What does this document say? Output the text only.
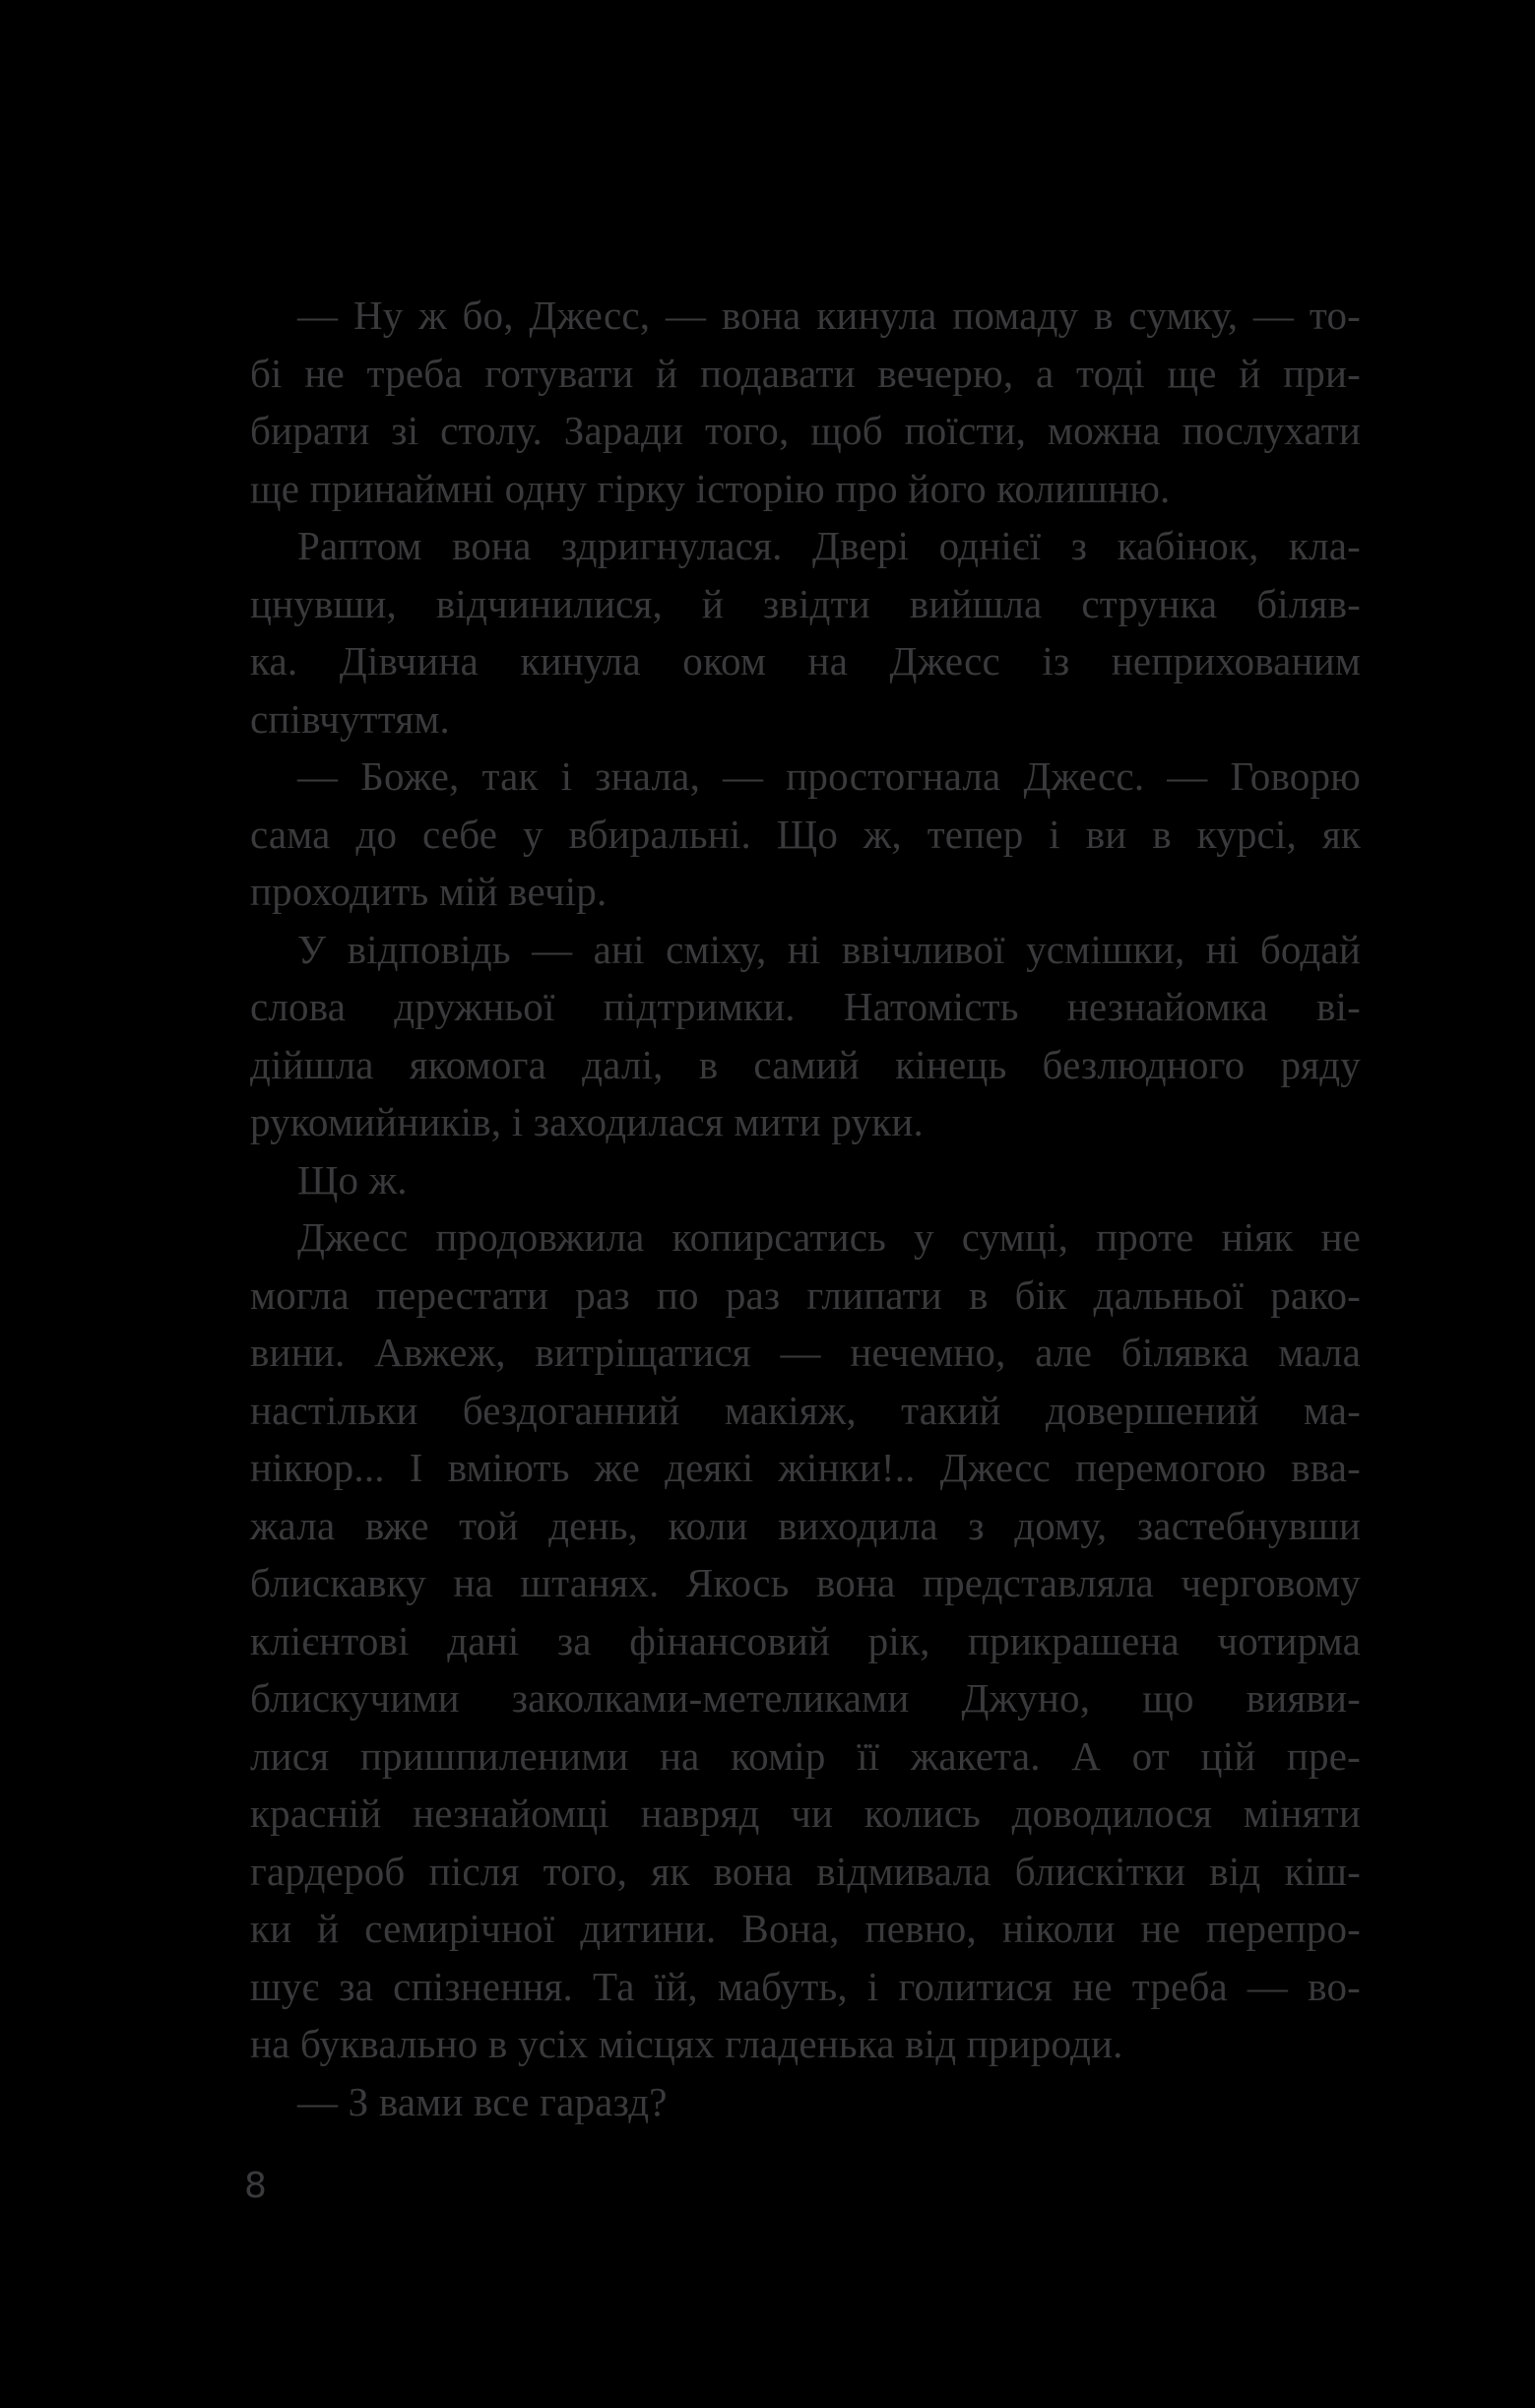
— Ну ж бо, Джесс, — вона кинула помаду в сумку, — то-
бі не треба готувати й подавати вечерю, а тоді ще й при-
бирати зі столу. Заради того, щоб поїсти, можна послухати
ще принаймні одну гірку історію про його колишню.
Раптом вона здригнулася. Двері однієї з кабінок, кла-
цнувши, відчинилися, й звідти вийшла струнка біляв-
ка. Дівчина кинула оком на Джесс із неприхованим
співчуттям.
— Боже, так і знала, — простогнала Джесс. — Говорю
сама до себе у вбиральні. Що ж, тепер і ви в курсі, як
проходить мій вечір.
У відповідь — ані сміху, ні ввічливої усмішки, ні бодай
слова дружньої підтримки. Натомість незнайомка ві-
дійшла якомога далі, в самий кінець безлюдного ряду
рукомийників, і заходилася мити руки.
Що ж.
Джесс продовжила копирсатись у сумці, проте ніяк не
могла перестати раз по раз глипати в бік дальньої рако-
вини. Авжеж, витріщатися — нечемно, але білявка мала
настільки бездоганний макіяж, такий довершений ма-
нікюр... І вміють же деякі жінки!.. Джесс перемогою вва-
жала вже той день, коли виходила з дому, застебнувши
блискавку на штанях. Якось вона представляла черговому
клієнтові дані за фінансовий рік, прикрашена чотирма
блискучими заколками-метеликами Джуно, що вияви-
лися пришпиленими на комір її жакета. А от цій пре-
красній незнайомці навряд чи колись доводилося міняти
гардероб після того, як вона відмивала блискітки від кіш-
ки й семирічної дитини. Вона, певно, ніколи не перепро-
шує за спізнення. Та їй, мабуть, і голитися не треба — во-
на буквально в усіх місцях гладенька від природи.
— З вами все гаразд?
8
